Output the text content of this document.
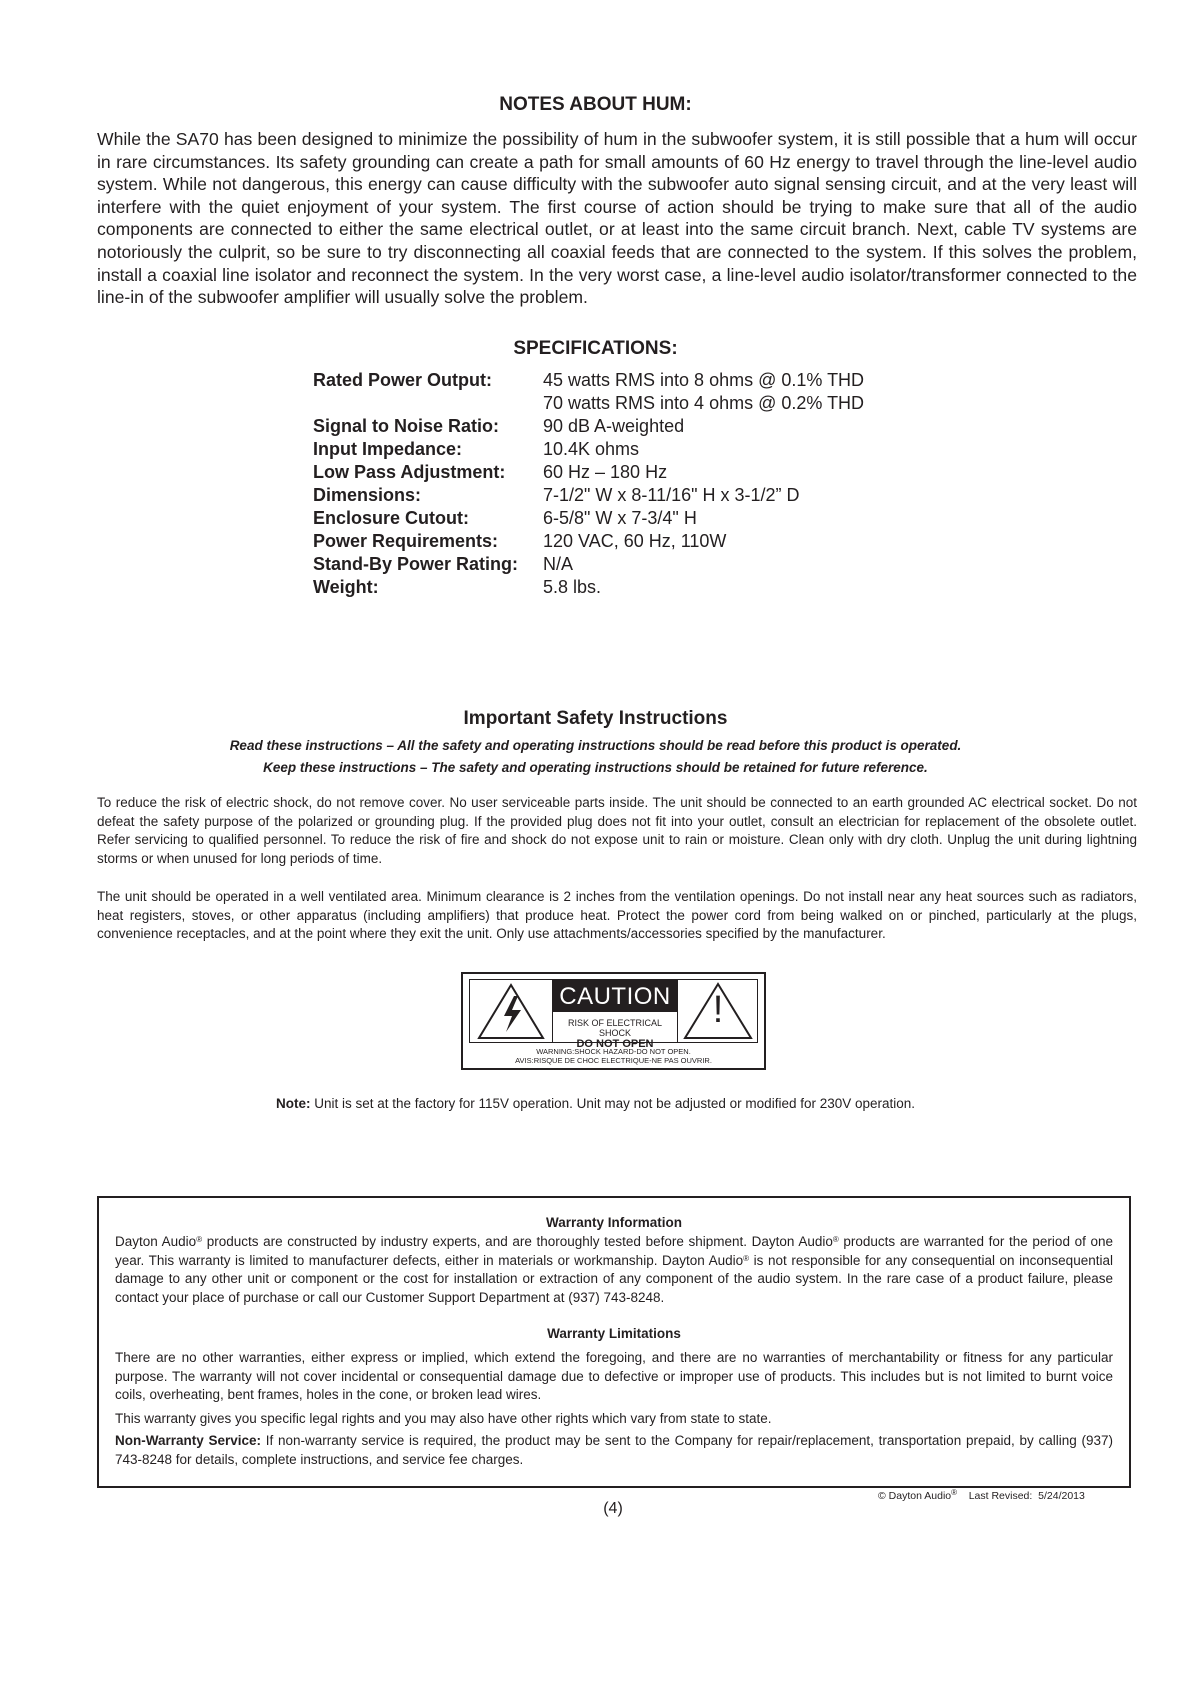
NOTES ABOUT HUM:

While the SA70 has been designed to minimize the possibility of hum in the subwoofer system, it is still possible that a hum will occur in rare circumstances. Its safety grounding can create a path for small amounts of 60 Hz energy to travel through the line-level audio system. While not dangerous, this energy can cause difficulty with the subwoofer auto signal sensing circuit, and at the very least will interfere with the quiet enjoyment of your system. The first course of action should be trying to make sure that all of the audio components are connected to either the same electrical outlet, or at least into the same circuit branch. Next, cable TV systems are notoriously the culprit, so be sure to try disconnecting all coaxial feeds that are connected to the system. If this solves the problem, install a coaxial line isolator and reconnect the system. In the very worst case, a line-level audio isolator/transformer connected to the line-in of the subwoofer amplifier will usually solve the problem.

SPECIFICATIONS:
Rated Power Output:	45 watts RMS into 8 ohms @ 0.1% THD
70 watts RMS into 4 ohms @ 0.2% THD
Signal to Noise Ratio:	90 dB A-weighted
Input Impedance:	10.4K ohms
Low Pass Adjustment:	60 Hz – 180 Hz
Dimensions:	7-1/2" W x 8-11/16" H x 3-1/2” D
Enclosure Cutout:	6-5/8" W x 7-3/4" H
Power Requirements:	120 VAC, 60 Hz, 110W
Stand-By Power Rating:	N/A
Weight:	5.8 lbs.
Important Safety Instructions

Read these instructions – All the safety and operating instructions should be read before this product is operated.

Keep these instructions – The safety and operating instructions should be retained for future reference.

To reduce the risk of electric shock, do not remove cover. No user serviceable parts inside. The unit should be connected to an earth grounded AC electrical socket. Do not defeat the safety purpose of the polarized or grounding plug. If the provided plug does not fit into your outlet, consult an electrician for replacement of the obsolete outlet. Refer servicing to qualified personnel. To reduce the risk of fire and shock do not expose unit to rain or moisture. Clean only with dry cloth. Unplug the unit during lightning storms or when unused for long periods of time.

The unit should be operated in a well ventilated area. Minimum clearance is 2 inches from the ventilation openings. Do not install near any heat sources such as radiators, heat registers, stoves, or other apparatus (including amplifiers) that produce heat. Protect the power cord from being walked on or pinched, particularly at the plugs, convenience receptacles, and at the point where they exit the unit. Only use attachments/accessories specified by the manufacturer.

CAUTION
RISK OF ELECTRICAL SHOCK
DO NOT OPEN
!
WARNING:SHOCK HAZARD-DO NOT OPEN.
AVIS:RISQUE DE CHOC ELECTRIQUE-NE PAS OUVRIR.
Note: Unit is set at the factory for 115V operation. Unit may not be adjusted or modified for 230V operation.
Warranty Information

Dayton Audio® products are constructed by industry experts, and are thoroughly tested before shipment. Dayton Audio® products are warranted for the period of one year. This warranty is limited to manufacturer defects, either in materials or workmanship. Dayton Audio® is not responsible for any consequential on inconsequential damage to any other unit or component or the cost for installation or extraction of any component of the audio system. In the rare case of a product failure, please contact your place of purchase or call our Customer Support Department at (937) 743-8248.

Warranty Limitations

There are no other warranties, either express or implied, which extend the foregoing, and there are no warranties of merchantability or fitness for any particular purpose. The warranty will not cover incidental or consequential damage due to defective or improper use of products. This includes but is not limited to burnt voice coils, overheating, bent frames, holes in the cone, or broken lead wires.

This warranty gives you specific legal rights and you may also have other rights which vary from state to state.

Non-Warranty Service: If non-warranty service is required, the product may be sent to the Company for repair/replacement, transportation prepaid, by calling (937) 743-8248 for details, complete instructions, and service fee charges.

© Dayton Audio®    Last Revised:  5/24/2013
(4)
